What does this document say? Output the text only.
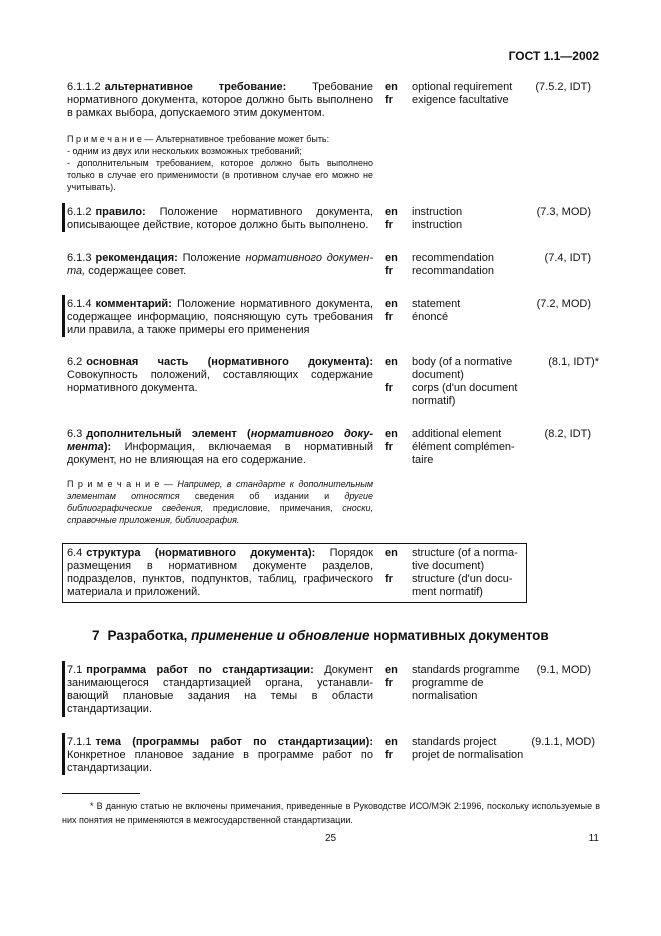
ГОСТ 1.1—2002
6.1.1.2 альтернативное требование: Требование нормативного документа, которое должно быть выполнено в рамках выбора, допускаемого этим документом.
en
fr
optional requirement
exigence facultative
(7.5.2, IDT)
П р и м е ч а н и е — Альтернативное требование может быть:
- одним из двух или нескольких возможных требований;
- дополнительным требованием, которое должно быть выполнено только в случае его применимости (в противном случае его можно не учитывать).
6.1.2 правило: Положение нормативного документа, описывающее действие, которое должно быть выполнено.
en
fr
instruction
instruction
(7.3, MOD)
6.1.3 рекомендация: Положение нормативного докумен-та, содержащее совет.
en
fr
recommendation
recommandation
(7.4, IDT)
6.1.4 комментарий: Положение нормативного документа, содержащее информацию, поясняющую суть требования или правила, а также примеры его применения
en
fr
statement
énoncé
(7.2, MOD)
6.2 основная часть (нормативного документа): Совокупность положений, составляющих содержание нормативного документа.
en
fr
body (of a normative document)
corps (d'un document normatif)
(8.1, IDT)*
6.3 дополнительный элемент (нормативного доку-мента): Информация, включаемая в нормативный документ, но не влияющая на его содержание.
en
fr
additional element
élément complémen-taire
(8.2, IDT)
П р и м е ч а н и е — Например, в стандарте к дополнительным элементам относятся сведения об издании и другие библиографические сведения, предисловие, примечания, сноски, справочные приложения, библиография.
6.4 структура (нормативного документа): Порядок размещения в нормативном документе разделов, подразделов, пунктов, подпунктов, таблиц, графического материала и приложений.
en
fr
structure (of a norma-tive document)
structure (d'un docu-ment normatif)
7 Разработка, применение и обновление нормативных документов
7.1 программа работ по стандартизации: Документ занимающегося стандартизацией органа, устанавли-вающий плановые задания на темы в области стандартизации.
en
fr
standards programme
programme de normalisation
(9.1, MOD)
7.1.1 тема (программы работ по стандартизации): Конкретное плановое задание в программе работ по стандартизации.
en
fr
standards project
projet de normalisation
(9.1.1, MOD)
* В данную статью не включены примечания, приведенные в Руководстве ИСО/МЭК 2:1996, поскольку используемые в них понятия не применяются в межгосударственной стандартизации.
25	11
